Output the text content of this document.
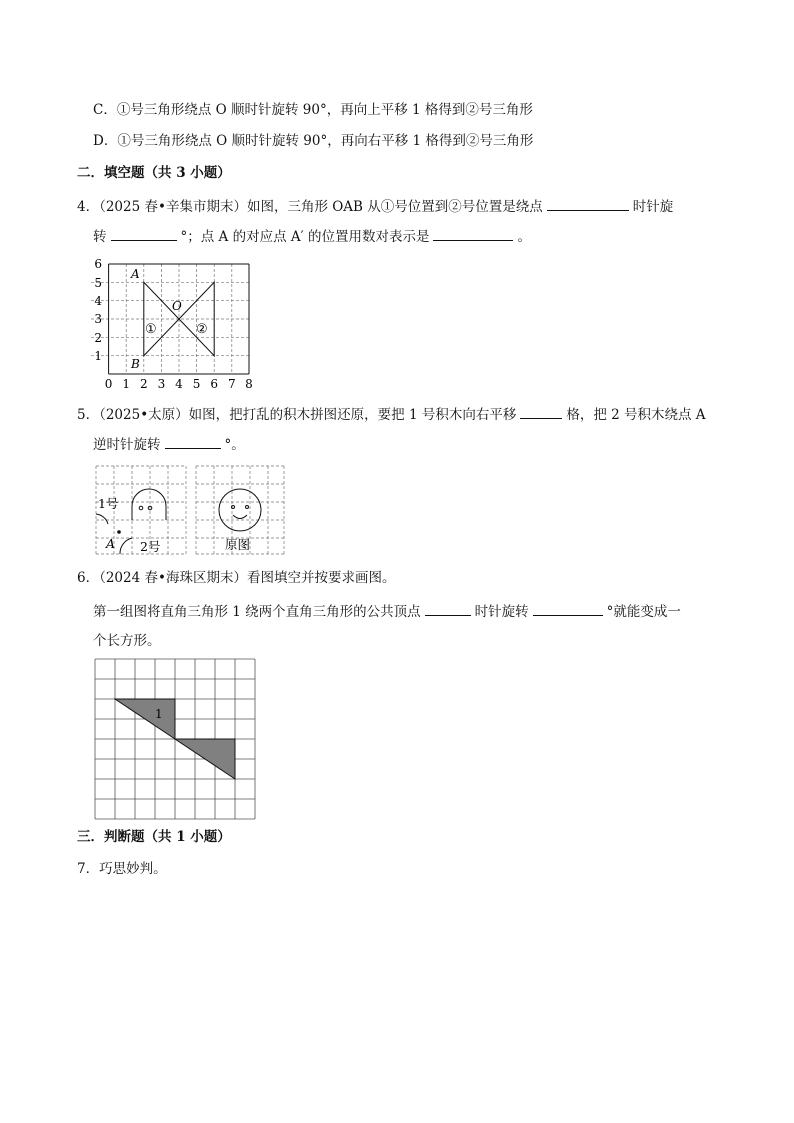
C．①号三角形绕点 O 顺时针旋转 90°，再向上平移 1 格得到②号三角形
D．①号三角形绕点 O 顺时针旋转 90°，再向右平移 1 格得到②号三角形
二．填空题（共 3 小题）
4．（2025 春•辛集市期末）如图，三角形 OAB 从①号位置到②号位置是绕点	时针旋
转	°；点 A 的对应点 A′ 的位置用数对表示是	。
1
2
3
4
5
6
0 1 2 3 4 5 6 7 8
A
B
O
①	②
5．（2025•太原）如图，把打乱的积木拼图还原，要把 1 号积木向右平移	格，把 2 号积木绕点 A
逆时针旋转	°。
1号
A 2号	原图
6．（2024 春•海珠区期末）看图填空并按要求画图。
第一组图将直角三角形 1 绕两个直角三角形的公共顶点	时针旋转	°就能变成一
个长方形。
1
三．判断题（共 1 小题）
7．巧思妙判。
